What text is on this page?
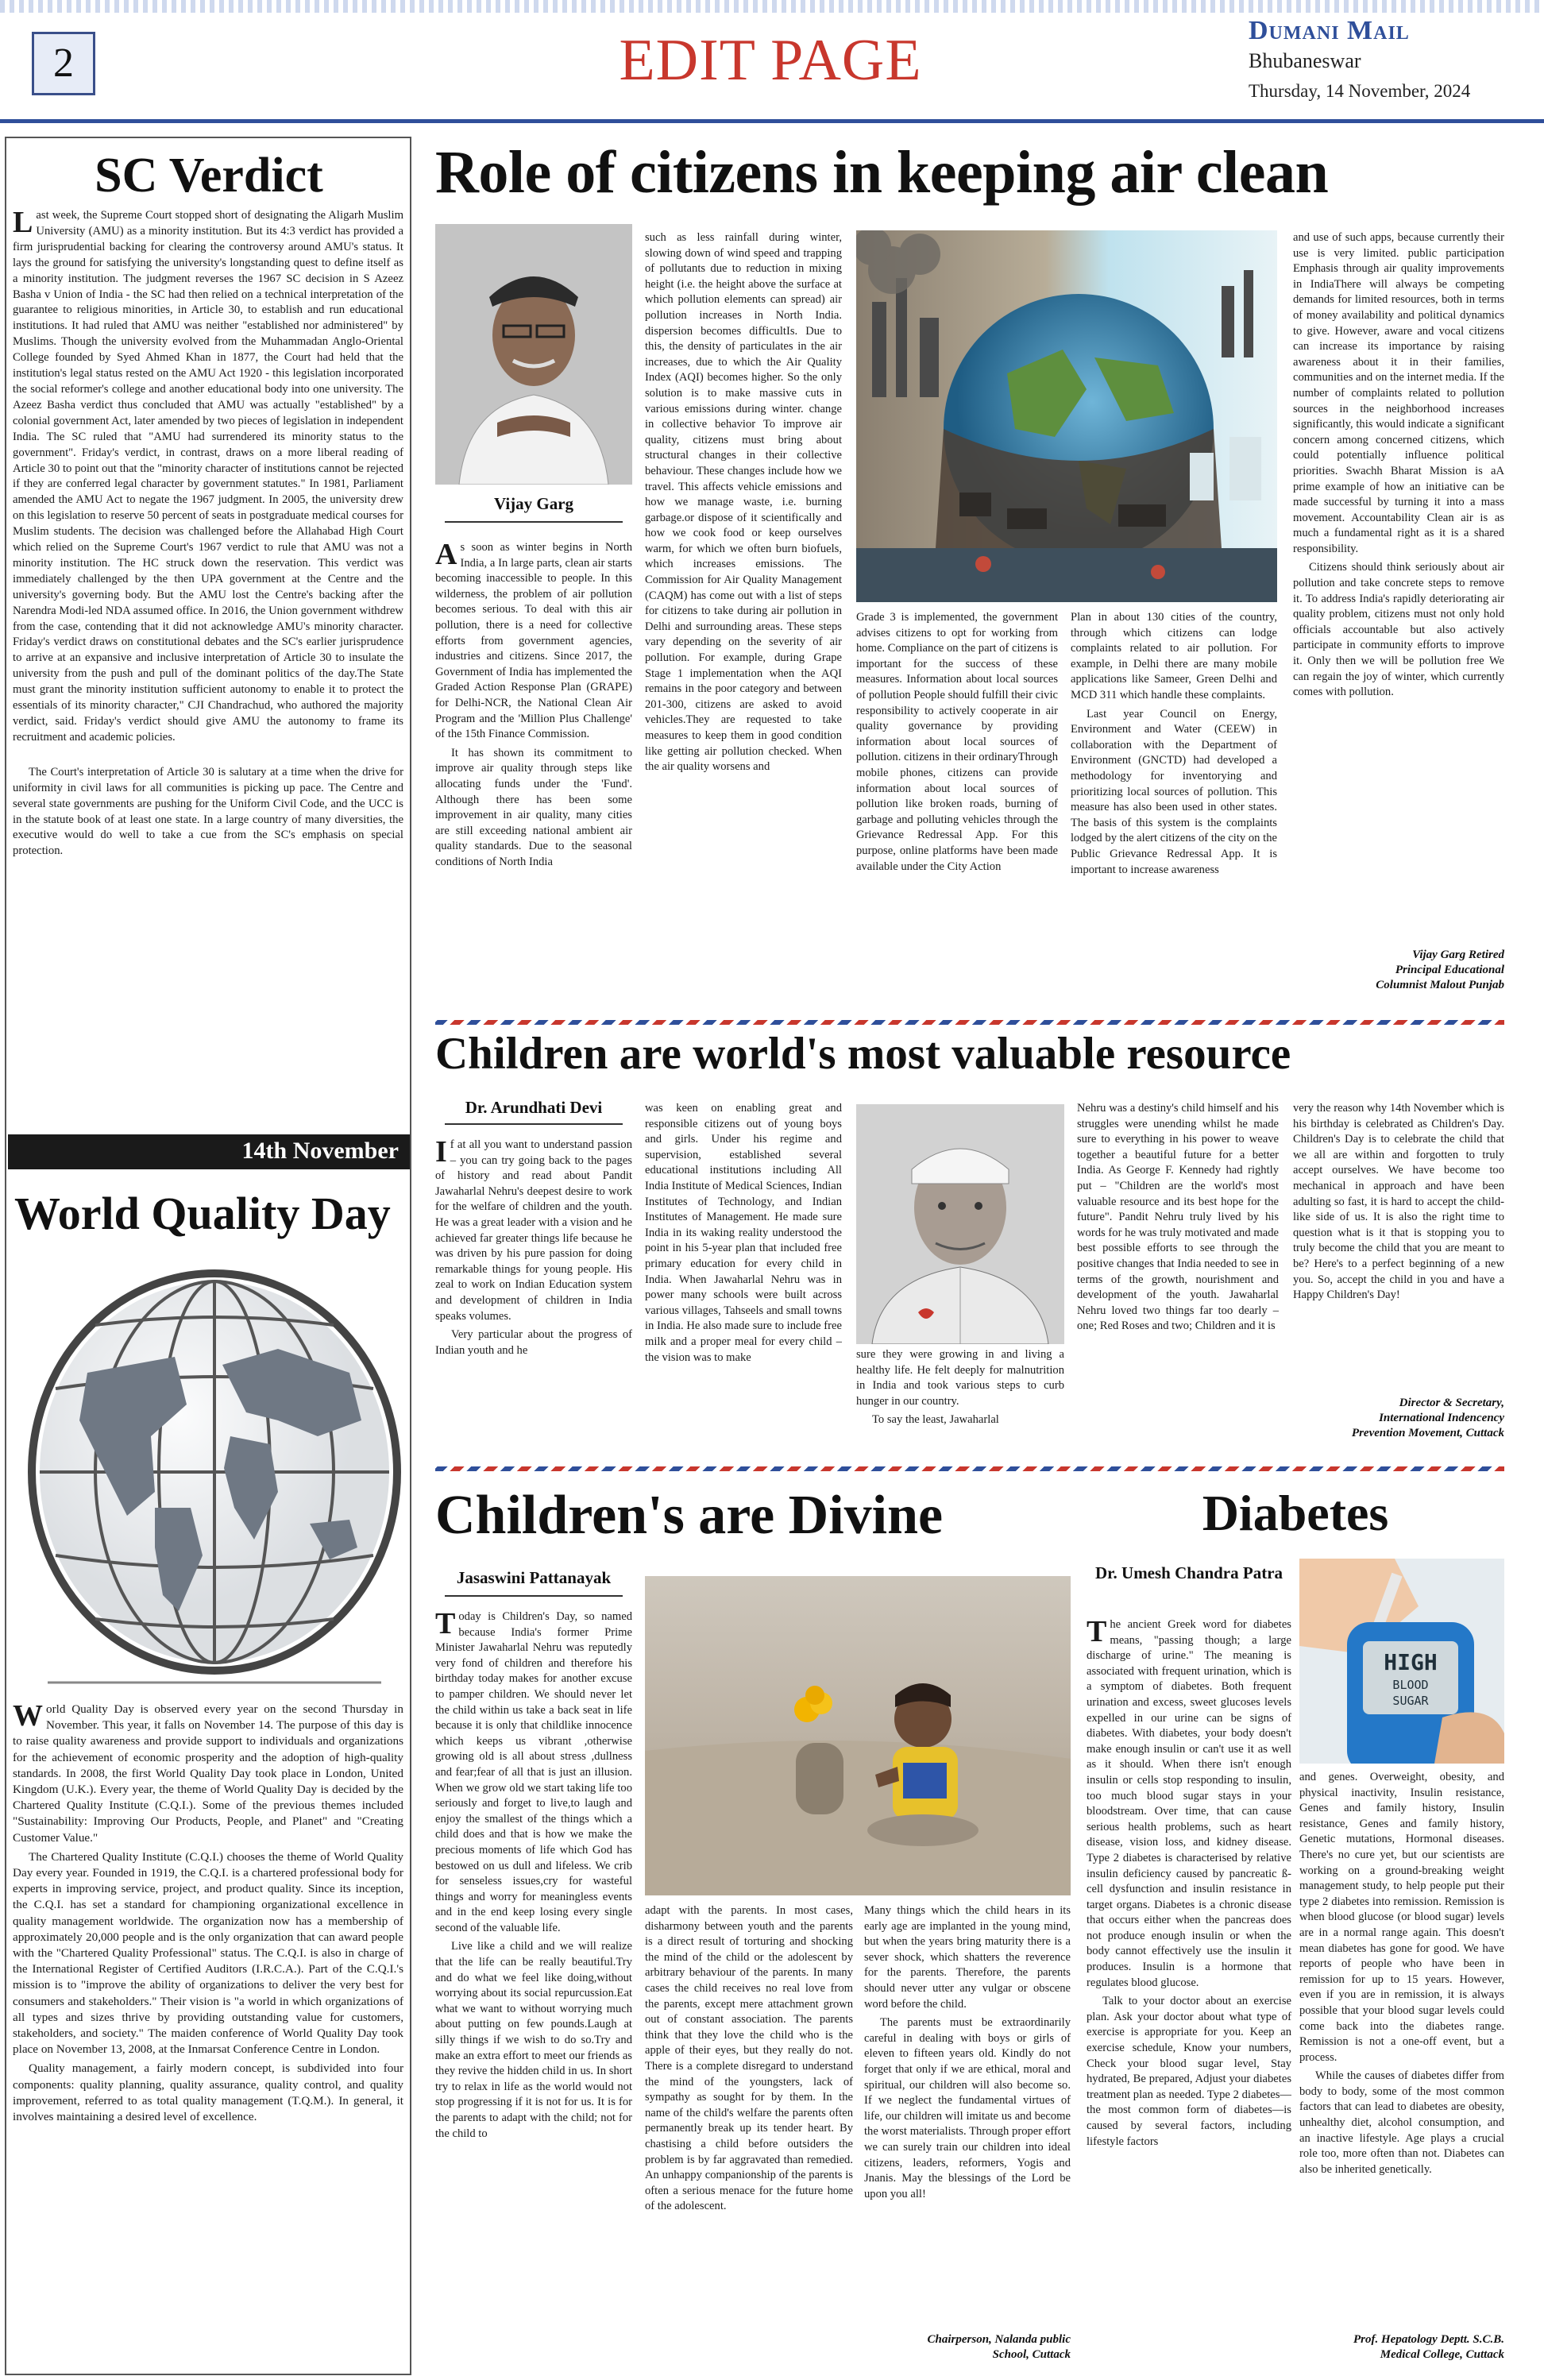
2	EDIT PAGE	Dumani Mail
Bhubaneswar
Thursday, 14 November, 2024
SC Verdict

Last week, the Supreme Court stopped short of designating the Aligarh Muslim University (AMU) as a minority institution. But its 4:3 verdict has provided a firm jurisprudential backing for clearing the controversy around AMU's status. It lays the ground for satisfying the university's longstanding quest to define itself as a minority institution. The judgment reverses the 1967 SC decision in S Azeez Basha v Union of India - the SC had then relied on a technical interpretation of the guarantee to religious minorities, in Article 30, to establish and run educational institutions. It had ruled that AMU was neither "established nor administered" by Muslims. Though the university evolved from the Muhammadan Anglo-Oriental College founded by Syed Ahmed Khan in 1877, the Court had held that the institution's legal status rested on the AMU Act 1920 - this legislation incorporated the social reformer's college and another educational body into one university. The Azeez Basha verdict thus concluded that AMU was actually "established" by a colonial government Act, later amended by two pieces of legislation in independent India. The SC ruled that "AMU had surrendered its minority status to the government". Friday's verdict, in contrast, draws on a more liberal reading of Article 30 to point out that the "minority character of institutions cannot be rejected if they are conferred legal character by government statutes." In 1981, Parliament amended the AMU Act to negate the 1967 judgment. In 2005, the university drew on this legislation to reserve 50 percent of seats in postgraduate medical courses for Muslim students. The decision was challenged before the Allahabad High Court which relied on the Supreme Court's 1967 verdict to rule that AMU was not a minority institution. The HC struck down the reservation. This verdict was immediately challenged by the then UPA government at the Centre and the university's governing body. But the AMU lost the Centre's backing after the Narendra Modi-led NDA assumed office. In 2016, the Union government withdrew from the case, contending that it did not acknowledge AMU's minority character. Friday's verdict draws on constitutional debates and the SC's earlier jurisprudence to arrive at an expansive and inclusive interpretation of Article 30 to insulate the university from the push and pull of the dominant politics of the day.The State must grant the minority institution sufficient autonomy to enable it to protect the essentials of its minority character," CJI Chandrachud, who authored the majority verdict, said. Friday's verdict should give AMU the autonomy to frame its recruitment and academic policies.

The Court's interpretation of Article 30 is salutary at a time when the drive for uniformity in civil laws for all communities is picking up pace. The Centre and several state governments are pushing for the Uniform Civil Code, and the UCC is in the statute book of at least one state. In a large country of many diversities, the executive would do well to take a cue from the SC's emphasis on special protection.

14th November
World Quality Day

World Quality Day is observed every year on the second Thursday in November. This year, it falls on November 14. The purpose of this day is to raise quality awareness and provide support to individuals and organizations for the achievement of economic prosperity and the adoption of high-quality standards. In 2008, the first World Quality Day took place in London, United Kingdom (U.K.). Every year, the theme of World Quality Day is decided by the Chartered Quality Institute (C.Q.I.). Some of the previous themes included "Sustainability: Improving Our Products, People, and Planet" and "Creating Customer Value."

The Chartered Quality Institute (C.Q.I.) chooses the theme of World Quality Day every year. Founded in 1919, the C.Q.I. is a chartered professional body for experts in improving service, project, and product quality. Since its inception, the C.Q.I. has set a standard for championing organizational excellence in quality management worldwide. The organization now has a membership of approximately 20,000 people and is the only organization that can award people with the "Chartered Quality Professional" status. The C.Q.I. is also in charge of the International Register of Certified Auditors (I.R.C.A.). Part of the C.Q.I.'s mission is to "improve the ability of organizations to deliver the very best for consumers and stakeholders." Their vision is "a world in which organizations of all types and sizes thrive by providing outstanding value for customers, stakeholders, and society." The maiden conference of World Quality Day took place on November 13, 2008, at the Inmarsat Conference Centre in London.

Quality management, a fairly modern concept, is subdivided into four components: quality planning, quality assurance, quality control, and quality improvement, referred to as total quality management (T.Q.M.). In general, it involves maintaining a desired level of excellence.

Role of citizens in keeping air clean
Vijay Garg

As soon as winter begins in North India, a In large parts, clean air starts becoming inaccessible to people. In this wilderness, the problem of air pollution becomes serious. To deal with this air pollution, there is a need for collective efforts from government agencies, industries and citizens. Since 2017, the Government of India has implemented the Graded Action Response Plan (GRAPE) for Delhi-NCR, the National Clean Air Program and the 'Million Plus Challenge' of the 15th Finance Commission.

It has shown its commitment to improve air quality through steps like allocating funds under the 'Fund'. Although there has been some improvement in air quality, many cities are still exceeding national ambient air quality standards. Due to the seasonal conditions of North India

such as less rainfall during winter, slowing down of wind speed and trapping of pollutants due to reduction in mixing height (i.e. the height above the surface at which pollution elements can spread) air pollution increases in North India. dispersion becomes difficultIs. Due to this, the density of particulates in the air increases, due to which the Air Quality Index (AQI) becomes higher. So the only solution is to make massive cuts in various emissions during winter. change in collective behavior To improve air quality, citizens must bring about structural changes in their collective behaviour. These changes include how we travel. This affects vehicle emissions and how we manage waste, i.e. burning garbage.or dispose of it scientifically and how we cook food or keep ourselves warm, for which we often burn biofuels, which increases emissions. The Commission for Air Quality Management (CAQM) has come out with a list of steps for citizens to take during air pollution in Delhi and surrounding areas. These steps vary depending on the severity of air pollution. For example, during Grape Stage 1 implementation when the AQI remains in the poor category and between 201-300, citizens are asked to avoid vehicles.They are requested to take measures to keep them in good condition like getting air pollution checked. When the air quality worsens and
Grade 3 is implemented, the government advises citizens to opt for working from home. Compliance on the part of citizens is important for the success of these measures. Information about local sources of pollution People should fulfill their civic responsibility to actively cooperate in air quality governance by providing information about local sources of pollution. citizens in their ordinaryThrough mobile phones, citizens can provide information about local sources of pollution like broken roads, burning of garbage and polluting vehicles through the Grievance Redressal App. For this purpose, online platforms have been made available under the City Action

Plan in about 130 cities of the country, through which citizens can lodge complaints related to air pollution. For example, in Delhi there are many mobile applications like Sameer, Green Delhi and MCD 311 which handle these complaints.

Last year Council on Energy, Environment and Water (CEEW) in collaboration with the Department of Environment (GNCTD) had developed a methodology for inventorying and prioritizing local sources of pollution. This measure has also been used in other states. The basis of this system is the complaints lodged by the alert citizens of the city on the Public Grievance Redressal App. It is important to increase awareness

and use of such apps, because currently their use is very limited. public participation Emphasis through air quality improvements in IndiaThere will always be competing demands for limited resources, both in terms of money availability and political dynamics to give. However, aware and vocal citizens can increase its importance by raising awareness about it in their families, communities and on the internet media. If the number of complaints related to pollution sources in the neighborhood increases significantly, this would indicate a significant concern among concerned citizens, which could potentially influence political priorities. Swachh Bharat Mission is aA prime example of how an initiative can be made successful by turning it into a mass movement. Accountability Clean air is as much a fundamental right as it is a shared responsibility.

Citizens should think seriously about air pollution and take concrete steps to remove it. To address India's rapidly deteriorating air quality problem, citizens must not only hold officials accountable but also actively participate in community efforts to improve it. Only then we will be pollution free We can regain the joy of winter, which currently comes with pollution.

Vijay Garg Retired
Principal Educational
Columnist Malout Punjab
Children are world's most valuable resource
Dr. Arundhati Devi

If at all you want to understand passion – you can try going back to the pages of history and read about Pandit Jawaharlal Nehru's deepest desire to work for the welfare of children and the youth. He was a great leader with a vision and he achieved far greater things life because he was driven by his pure passion for doing remarkable things for young people. His zeal to work on Indian Education system and development of children in India speaks volumes.

Very particular about the progress of Indian youth and he

was keen on enabling great and responsible citizens out of young boys and girls. Under his regime and supervision, established several educational institutions including All India Institute of Medical Sciences, Indian Institutes of Technology, and Indian Institutes of Management. He made sure India in its waking reality understood the point in his 5-year plan that included free primary education for every child in India. When Jawaharlal Nehru was in power many schools were built across various villages, Tahseels and small towns in India. He also made sure to include free milk and a proper meal for every child – the vision was to make	sure they were growing in and living a healthy life. He felt deeply for malnutrition in India and took various steps to curb hunger in our country.

To say the least, Jawaharlal

Nehru was a destiny's child himself and his struggles were unending whilst he made sure to everything in his power to weave together a beautiful future for a better India. As George F. Kennedy had rightly put – "Children are the world's most valuable resource and its best hope for the future". Pandit Nehru truly lived by his words for he was truly motivated and made best possible efforts to see through the positive changes that India needed to see in terms of the growth, nourishment and development of the youth. Jawaharlal Nehru loved two things far too dearly – one; Red Roses and two; Children and it is
very the reason why 14th November which is his birthday is celebrated as Children's Day. Children's Day is to celebrate the child that we all are within and forgotten to truly accept ourselves. We have become too mechanical in approach and have been adulting so fast, it is hard to accept the child-like side of us. It is also the right time to question what is it that is stopping you to truly become the child that you are meant to be? Here's to a perfect beginning of a new you. So, accept the child in you and have a Happy Children's Day!
Director & Secretary,
International Indencency
Prevention Movement, Cuttack
Children's are Divine
Jasaswini Pattanayak

Today is Children's Day, so named because India's former Prime Minister Jawaharlal Nehru was reputedly very fond of children and therefore his birthday today makes for another excuse to pamper children. We should never let the child within us take a back seat in life because it is only that childlike innocence which keeps us vibrant ,otherwise growing old is all about stress ,dullness and fear;fear of all that is just an illusion. When we grow old we start taking life too seriously and forget to live,to laugh and enjoy the smallest of the things which a child does and that is how we make the precious moments of life which God has bestowed on us dull and lifeless. We crib for senseless issues,cry for wasteful things and worry for meaningless events and in the end keep losing every single second of the valuable life.

Live like a child and we will realize that the life can be really beautiful.Try and do what we feel like doing,without worrying about its social repurcussion.Eat what we want to without worrying much about putting on few pounds.Laugh at silly things if we wish to do so.Try and make an extra effort to meet our friends as they revive the hidden child in us. In short try to relax in life as the world would not stop progressing if it is not for us. It is for the parents to adapt with the child; not for the child to

adapt with the parents. In most cases, disharmony between youth and the parents is a direct result of torturing and shocking the mind of the child or the adolescent by arbitrary behaviour of the parents. In many cases the child receives no real love from the parents, except mere attachment grown out of constant association. The parents think that they love the child who is the apple of their eyes, but they really do not. There is a complete disregard to understand the mind of the youngsters, lack of sympathy as sought for by them. In the name of the child's welfare the parents often permanently break up its tender heart. By chastising a child before outsiders the problem is by far aggravated than remedied. An unhappy companionship of the parents is often a serious menace for the future home of the adolescent.

Many things which the child hears in its early age are implanted in the young mind, but when the years bring maturity there is a sever shock, which shatters the reverence for the parents. Therefore, the parents should never utter any vulgar or obscene word before the child.

The parents must be extraordinarily careful in dealing with boys or girls of eleven to fifteen years old. Kindly do not forget that only if we are ethical, moral and spiritual, our children will also become so. If we neglect the fundamental virtues of life, our children will imitate us and become the worst materialists. Through proper effort we can surely train our children into ideal citizens, leaders, reformers, Yogis and Jnanis. May the blessings of the Lord be upon you all!

Chairperson, Nalanda public
School, Cuttack
Diabetes
Dr. Umesh Chandra Patra
HIGH
BLOOD
SUGAR

The ancient Greek word for diabetes means, "passing though; a large discharge of urine." The meaning is associated with frequent urination, which is a symptom of diabetes. Both frequent urination and excess, sweet glucoses levels expelled in our urine can be signs of diabetes. With diabetes, your body doesn't make enough insulin or can't use it as well as it should. When there isn't enough insulin or cells stop responding to insulin, too much blood sugar stays in your bloodstream. Over time, that can cause serious health problems, such as heart disease, vision loss, and kidney disease. Type 2 diabetes is characterised by relative insulin deficiency caused by pancreatic ß-cell dysfunction and insulin resistance in target organs. Diabetes is a chronic disease that occurs either when the pancreas does not produce enough insulin or when the body cannot effectively use the insulin it produces. Insulin is a hormone that regulates blood glucose.

Talk to your doctor about an exercise plan. Ask your doctor about what type of exercise is appropriate for you. Keep an exercise schedule, Know your numbers, Check your blood sugar level, Stay hydrated, Be prepared, Adjust your diabetes treatment plan as needed. Type 2 diabetes—the most common form of diabetes—is caused by several factors, including lifestyle factors

and genes. Overweight, obesity, and physical inactivity, Insulin resistance, Genes and family history, Insulin resistance, Genes and family history, Genetic mutations, Hormonal diseases. There's no cure yet, but our scientists are working on a ground-breaking weight management study, to help people put their type 2 diabetes into remission. Remission is when blood glucose (or blood sugar) levels are in a normal range again. This doesn't mean diabetes has gone for good. We have reports of people who have been in remission for up to 15 years. However, even if you are in remission, it is always possible that your blood sugar levels could come back into the diabetes range. Remission is not a one-off event, but a process.

While the causes of diabetes differ from body to body, some of the most common factors that can lead to diabetes are obesity, unhealthy diet, alcohol consumption, and an inactive lifestyle. Age plays a crucial role too, more often than not. Diabetes can also be inherited genetically.

Prof. Hepatology Deptt. S.C.B.
Medical College, Cuttack
